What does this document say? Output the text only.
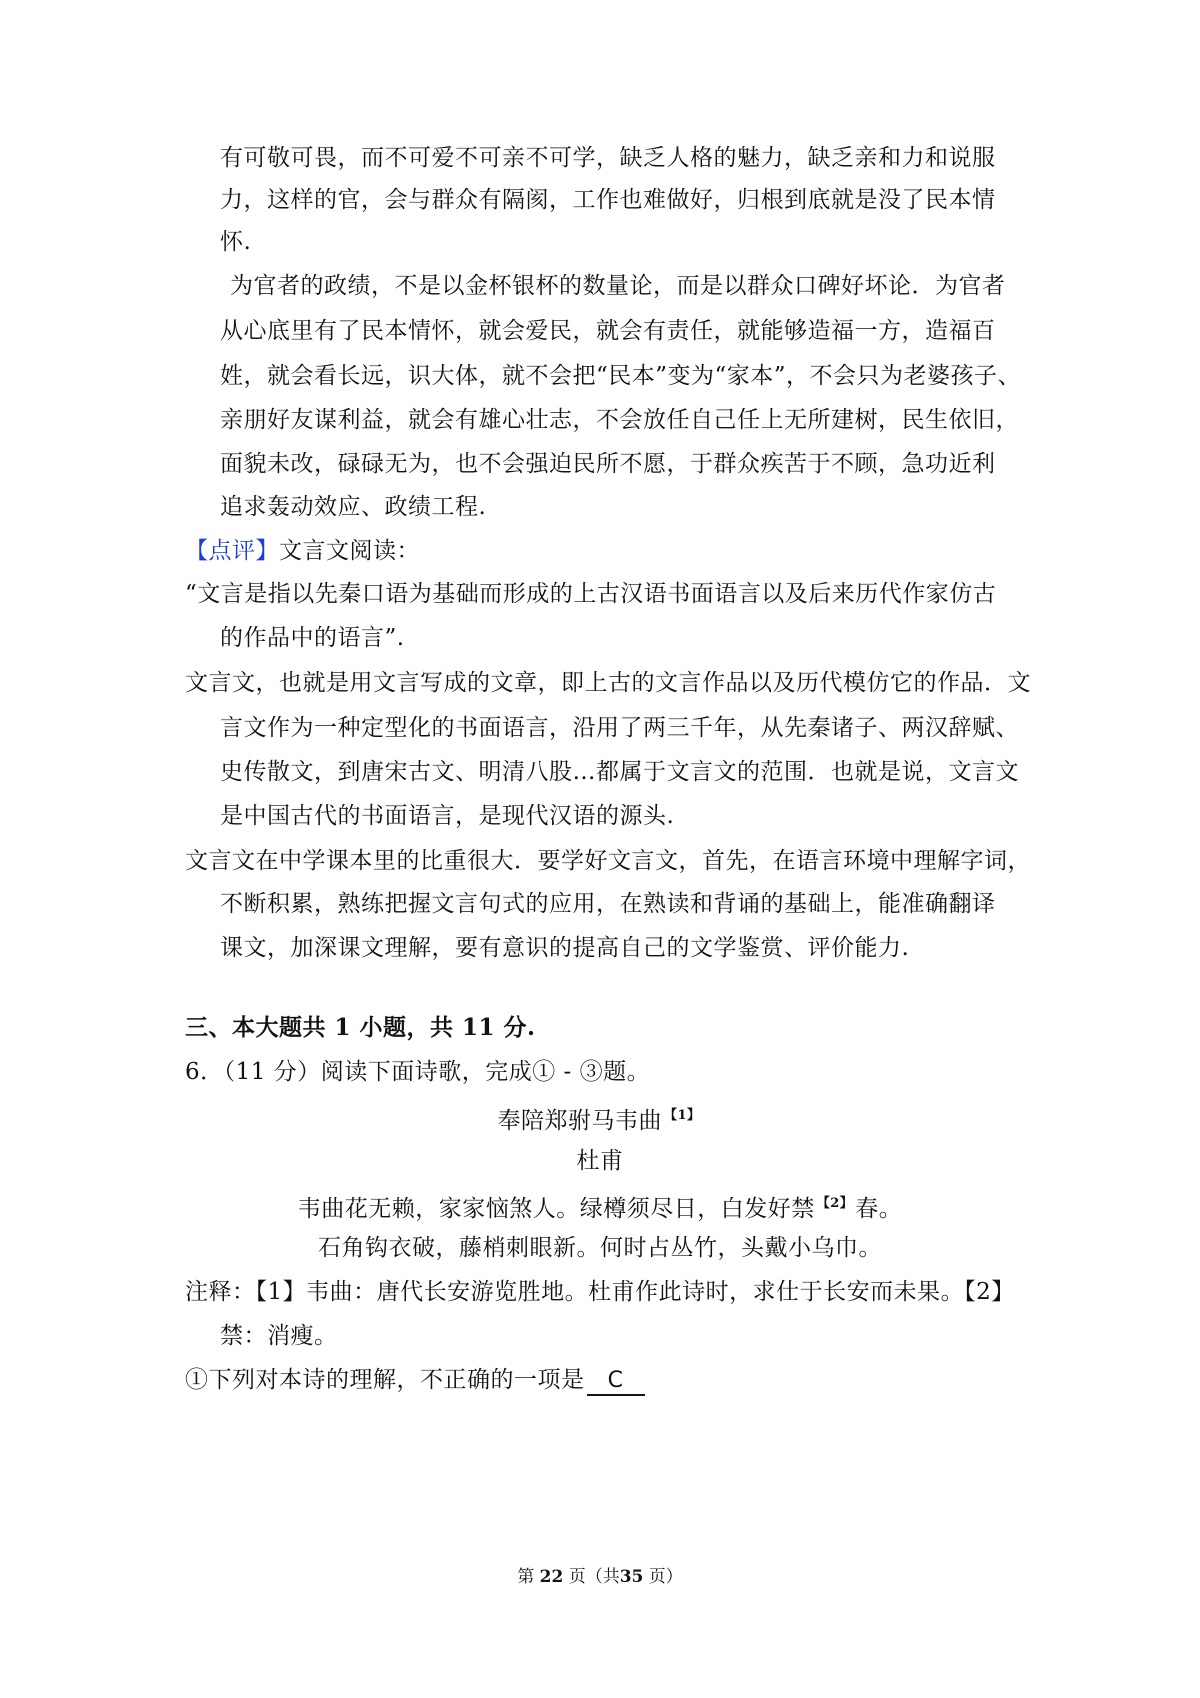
有可敬可畏，而不可爱不可亲不可学，缺乏人格的魅力，缺乏亲和力和说服
力，这样的官，会与群众有隔阂，工作也难做好，归根到底就是没了民本情
怀.
为官者的政绩，不是以金杯银杯的数量论，而是以群众口碑好坏论．为官者
从心底里有了民本情怀，就会爱民，就会有责任，就能够造福一方，造福百
姓，就会看长远，识大体，就不会把“民本”变为“家本”，不会只为老婆孩子、
亲朋好友谋利益，就会有雄心壮志，不会放任自己任上无所建树，民生依旧，
面貌未改，碌碌无为，也不会强迫民所不愿，于群众疾苦于不顾，急功近利
追求轰动效应、政绩工程.
【点评】文言文阅读：
“文言是指以先秦口语为基础而形成的上古汉语书面语言以及后来历代作家仿古
的作品中的语言”.
文言文，也就是用文言写成的文章，即上古的文言作品以及历代模仿它的作品．文
言文作为一种定型化的书面语言，沿用了两三千年，从先秦诸子、两汉辞赋、
史传散文，到唐宋古文、明清八股…都属于文言文的范围．也就是说，文言文
是中国古代的书面语言，是现代汉语的源头.
文言文在中学课本里的比重很大．要学好文言文，首先，在语言环境中理解字词，
不断积累，熟练把握文言句式的应用，在熟读和背诵的基础上，能准确翻译
课文，加深课文理解，要有意识的提高自己的文学鉴赏、评价能力.
三、本大题共 1 小题，共 11 分.
6．（11 分）阅读下面诗歌，完成① - ③题。
奉陪郑驸马韦曲 $^{【1】}$
杜甫
韦曲花无赖，家家恼煞人。绿樽须尽日，白发好禁 $^{【2】}$春。
石角钩衣破，藤梢刺眼新。何时占丛竹，头戴小乌巾。
注释：【1】韦曲：唐代长安游览胜地。杜甫作此诗时，求仕于长安而未果。【2】
禁：消瘦。
①下列对本诗的理解，不正确的一项是 C
第 22 页（共35 页）
